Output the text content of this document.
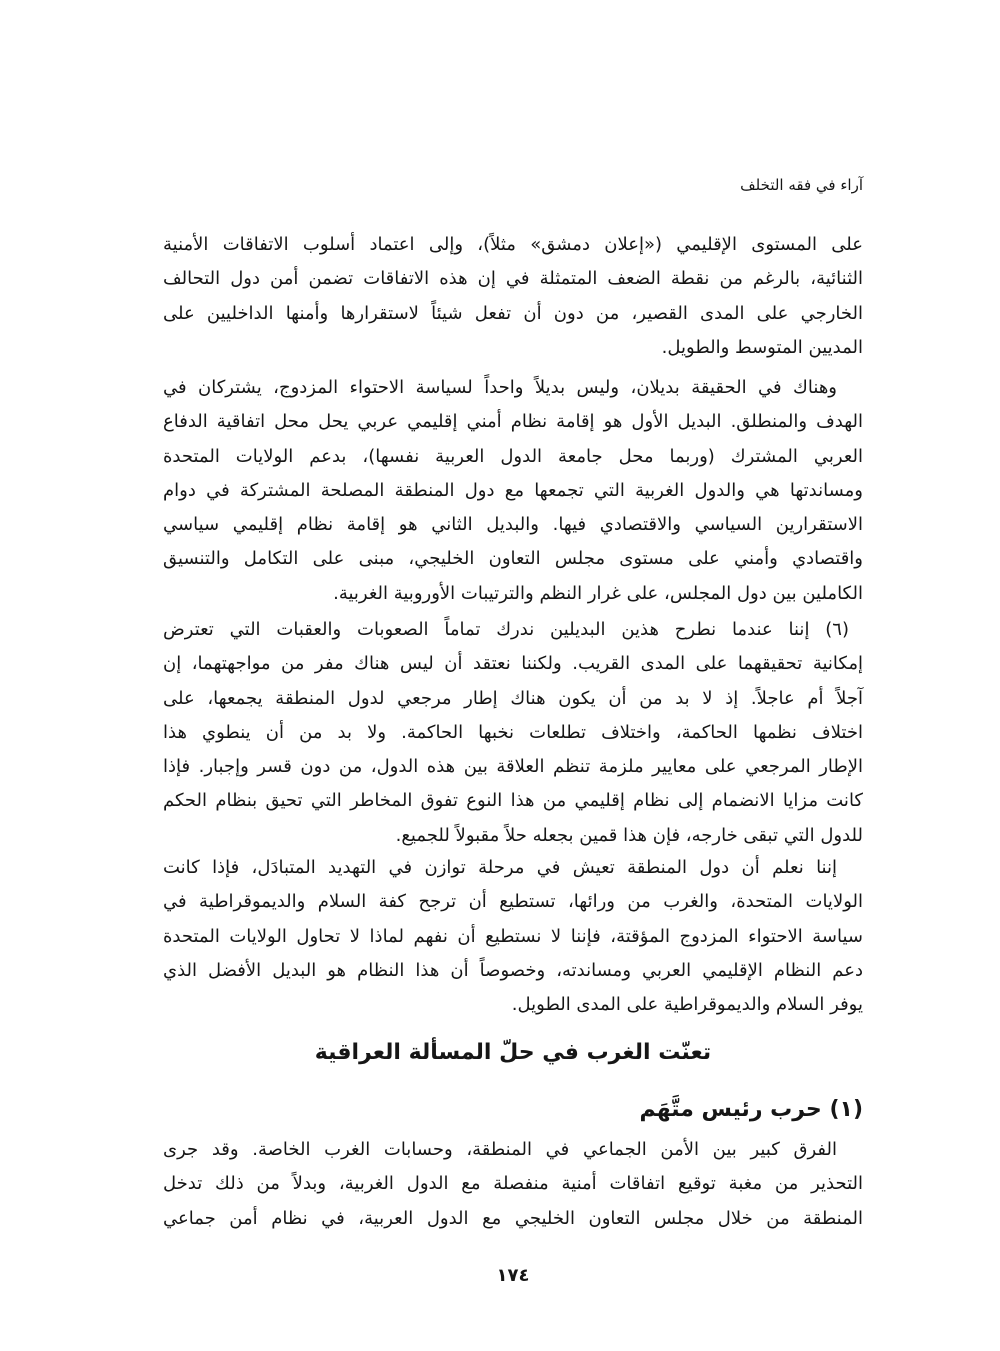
آراء في فقه التخلف
على المستوى الإقليمي («إعلان دمشق» مثلاً)، وإلى اعتماد أسلوب الاتفاقات الأمنية
الثنائية، بالرغم من نقطة الضعف المتمثلة في إن هذه الاتفاقات تضمن أمن دول التحالف
الخارجي على المدى القصير، من دون أن تفعل شيئاً لاستقرارها وأمنها الداخليين على
المديين المتوسط والطويل.
وهناك في الحقيقة بديلان، وليس بديلاً واحداً لسياسة الاحتواء المزدوج، يشتركان في
الهدف والمنطلق. البديل الأول هو إقامة نظام أمني إقليمي عربي يحل محل اتفاقية الدفاع
العربي المشترك (وربما محل جامعة الدول العربية نفسها)، بدعم الولايات المتحدة
ومساندتها هي والدول الغربية التي تجمعها مع دول المنطقة المصلحة المشتركة في دوام
الاستقرارين السياسي والاقتصادي فيها. والبديل الثاني هو إقامة نظام إقليمي سياسي
واقتصادي وأمني على مستوى مجلس التعاون الخليجي، مبنى على التكامل والتنسيق
الكاملين بين دول المجلس، على غرار النظم والترتيبات الأوروبية الغربية.
(٦) إننا عندما نطرح هذين البديلين ندرك تماماً الصعوبات والعقبات التي تعترض
إمكانية تحقيقهما على المدى القريب. ولكننا نعتقد أن ليس هناك مفر من مواجهتهما، إن
آجلاً أم عاجلاً. إذ لا بد من أن يكون هناك إطار مرجعي لدول المنطقة يجمعها، على
اختلاف نظمها الحاكمة، واختلاف تطلعات نخبها الحاكمة. ولا بد من أن ينطوي هذا
الإطار المرجعي على معايير ملزمة تنظم العلاقة بين هذه الدول، من دون قسر وإجبار. فإذا
كانت مزايا الانضمام إلى نظام إقليمي من هذا النوع تفوق المخاطر التي تحيق بنظام الحكم
للدول التي تبقى خارجه، فإن هذا قمين بجعله حلاً مقبولاً للجميع.
إننا نعلم أن دول المنطقة تعيش في مرحلة توازن في التهديد المتبادَل، فإذا كانت
الولايات المتحدة، والغرب من ورائها، تستطيع أن ترجح كفة السلام والديموقراطية في
سياسة الاحتواء المزدوج المؤقتة، فإننا لا نستطيع أن نفهم لماذا لا تحاول الولايات المتحدة
دعم النظام الإقليمي العربي ومساندته، وخصوصاً أن هذا النظام هو البديل الأفضل الذي
يوفر السلام والديموقراطية على المدى الطويل.
تعنّت الغرب في حلّ المسألة العراقية
(١) حرب رئيس متَّهَم
الفرق كبير بين الأمن الجماعي في المنطقة، وحسابات الغرب الخاصة. وقد جرى
التحذير من مغبة توقيع اتفاقات أمنية منفصلة مع الدول الغربية، وبدلاً من ذلك تدخل
المنطقة من خلال مجلس التعاون الخليجي مع الدول العربية، في نظام أمن جماعي
١٧٤
